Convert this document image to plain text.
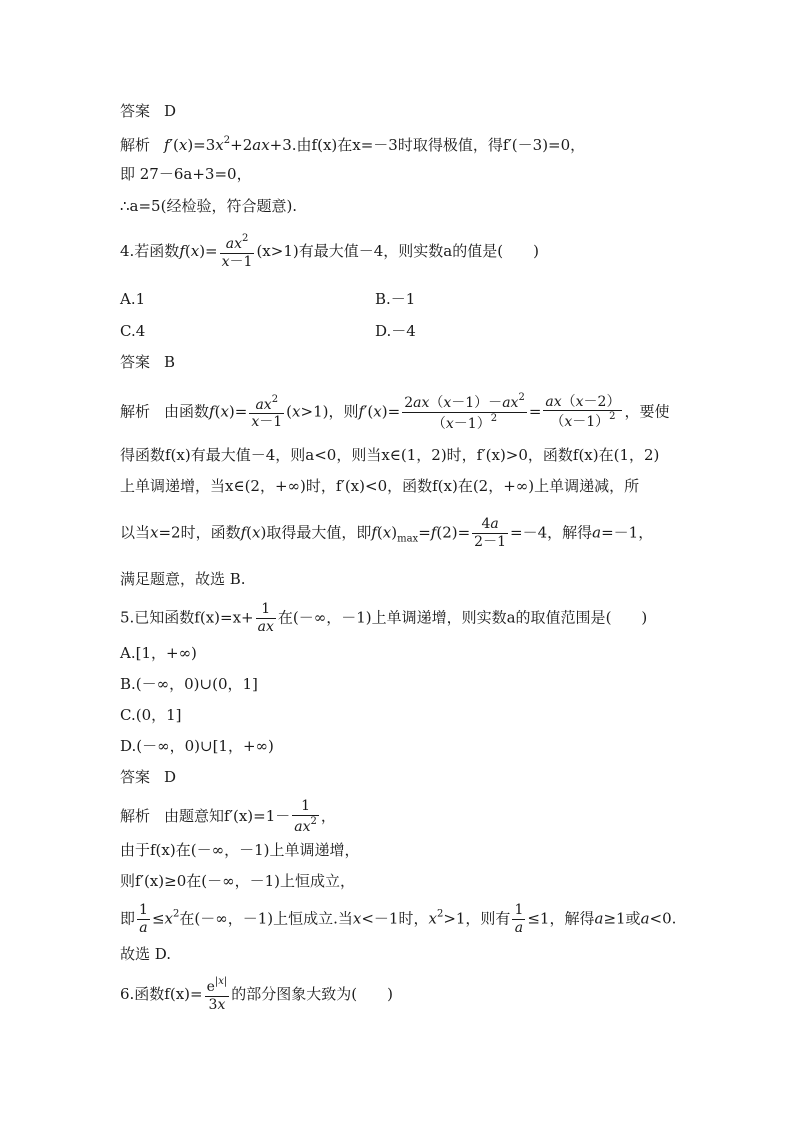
答案 D
解析 $f'(x)=3x^2+2ax+3$.由f(x)在x=－3时取得极值，得f′(－3)=0，
即 27－6a+3=0，
∴a=5(经检验，符合题意).
4.若函数$f(x)= \frac{ax^2}{x-1} (x>1)$有最大值－4，则实数a的值是(　　)
A.1	B.－1
C.4	D.－4
答案 B
解析 由函数$f(x)= \frac{ax^2}{x-1} (x>1)$，则$f'(x)= \frac{2ax(x-1)-ax^2}{(x-1)^2} = \frac{ax(x-2)}{(x-1)^2}$ ，要使
得函数f(x)有最大值－4，则a<0，则当x∈(1，2)时，f′(x)>0，函数f(x)在(1，2)
上单调递增，当x∈(2，+∞)时，f′(x)<0，函数f(x)在(2，+∞)上单调递减，所
以当x=2时，函数f(x)取得最大值，即$f(x)_{max}=f(2)= \frac{4a}{2-1} =-4$，解得a=－1，
满足题意，故选 B.
5.已知函数$f(x)=x+ \frac{1}{ax}$ 在(－∞，－1)上单调递增，则实数a的取值范围是(　　)
A.[1，+∞)
B.(－∞，0)∪(0，1]
C.(0，1]
D.(－∞，0)∪[1，+∞)
答案 D
解析 由题意知$f'(x)=1- \frac{1}{ax^2}$ ，
由于f(x)在(－∞，－1)上单调递增，
则f′(x)≥0在(－∞，－1)上恒成立，
即 $\frac{1}{a} \le x^2$在(－∞，－1)上恒成立.当x<－1时，$x^2>1$，则有 $\frac{1}{a} \le 1$，解得a≥1或a<0.
故选 D.
6.函数$f(x)= \frac{e^{|x|}}{3x}$ 的部分图象大致为(　　)
